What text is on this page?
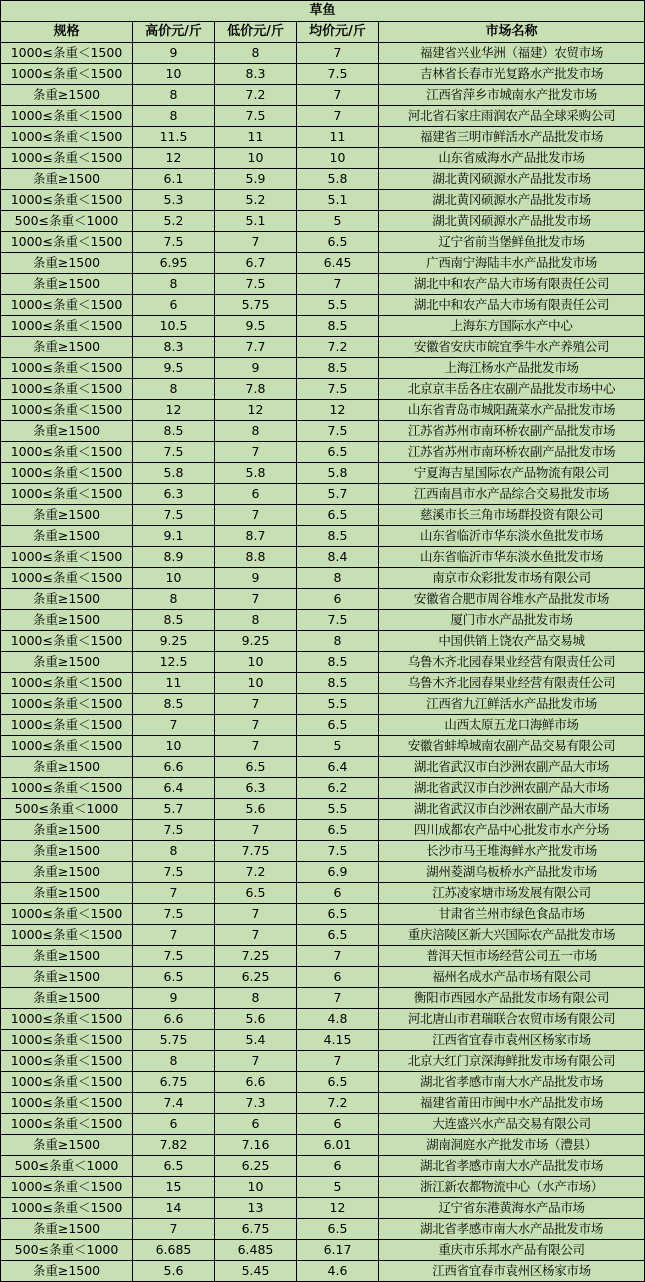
草鱼				
规格	高价元/斤	低价元/斤	均价元/斤	市场名称
1000≤条重＜1500	9	8	7	福建省兴业华洲（福建）农贸市场
1000≤条重＜1500	10	8.3	7.5	吉林省长春市光复路水产批发市场
条重≥1500	8	7.2	7	江西省萍乡市城南水产批发市场
1000≤条重＜1500	8	7.5	7	河北省石家庄雨润农产品全球采购公司
1000≤条重＜1500	11.5	11	11	福建省三明市鲜活水产品批发市场
1000≤条重＜1500	12	10	10	山东省威海水产品批发市场
条重≥1500	6.1	5.9	5.8	湖北黄冈硕源水产品批发市场
1000≤条重＜1500	5.3	5.2	5.1	湖北黄冈硕源水产品批发市场
500≤条重＜1000	5.2	5.1	5	湖北黄冈硕源水产品批发市场
1000≤条重＜1500	7.5	7	6.5	辽宁省前当堡鲜鱼批发市场
条重≥1500	6.95	6.7	6.45	广西南宁海陆丰水产品批发市场
条重≥1500	8	7.5	7	湖北中和农产品大市场有限责任公司
1000≤条重＜1500	6	5.75	5.5	湖北中和农产品大市场有限责任公司
1000≤条重＜1500	10.5	9.5	8.5	上海东方国际水产中心
条重≥1500	8.3	7.7	7.2	安徽省安庆市皖宜季牛水产养殖公司
1000≤条重＜1500	9.5	9	8.5	上海江杨水产品批发市场
1000≤条重＜1500	8	7.8	7.5	北京京丰岳各庄农副产品批发市场中心
1000≤条重＜1500	12	12	12	山东省青岛市城阳蔬菜水产品批发市场
条重≥1500	8.5	8	7.5	江苏省苏州市南环桥农副产品批发市场
1000≤条重＜1500	7.5	7	6.5	江苏省苏州市南环桥农副产品批发市场
1000≤条重＜1500	5.8	5.8	5.8	宁夏海吉星国际农产品物流有限公司
1000≤条重＜1500	6.3	6	5.7	江西南昌市水产品综合交易批发市场
条重≥1500	7.5	7	6.5	慈溪市长三角市场群投资有限公司
条重≥1500	9.1	8.7	8.5	山东省临沂市华东淡水鱼批发市场
1000≤条重＜1500	8.9	8.8	8.4	山东省临沂市华东淡水鱼批发市场
1000≤条重＜1500	10	9	8	南京市众彩批发市场有限公司
条重≥1500	8	7	6	安徽省合肥市周谷堆水产品批发市场
条重≥1500	8.5	8	7.5	厦门市水产品批发市场
1000≤条重＜1500	9.25	9.25	8	中国供销上饶农产品交易城
条重≥1500	12.5	10	8.5	乌鲁木齐北园春果业经营有限责任公司
1000≤条重＜1500	11	10	8.5	乌鲁木齐北园春果业经营有限责任公司
1000≤条重＜1500	8.5	7	5.5	江西省九江鲜活水产品批发市场
1000≤条重＜1500	7	7	6.5	山西太原五龙口海鲜市场
1000≤条重＜1500	10	7	5	安徽省蚌埠城南农副产品交易有限公司
条重≥1500	6.6	6.5	6.4	湖北省武汉市白沙洲农副产品大市场
1000≤条重＜1500	6.4	6.3	6.2	湖北省武汉市白沙洲农副产品大市场
500≤条重＜1000	5.7	5.6	5.5	湖北省武汉市白沙洲农副产品大市场
条重≥1500	7.5	7	6.5	四川成都农产品中心批发市水产分场
条重≥1500	8	7.75	7.5	长沙市马王堆海鲜水产批发市场
条重≥1500	7.5	7.2	6.9	湖州菱湖乌板桥水产品批发市场
条重≥1500	7	6.5	6	江苏凌家塘市场发展有限公司
1000≤条重＜1500	7.5	7	6.5	甘肃省兰州市绿色食品市场
1000≤条重＜1500	7	7	6.5	重庆涪陵区新大兴国际农产品批发市场
条重≥1500	7.5	7.25	7	普洱天恒市场经营公司五一市场
条重≥1500	6.5	6.25	6	福州名成水产品市场有限公司
条重≥1500	9	8	7	衡阳市西园水产品批发市场有限公司
1000≤条重＜1500	6.6	5.6	4.8	河北唐山市君瑞联合农贸市场有限公司
1000≤条重＜1500	5.75	5.4	4.15	江西省宜春市袁州区杨家市场
1000≤条重＜1500	8	7	7	北京大红门京深海鲜批发市场有限公司
1000≤条重＜1500	6.75	6.6	6.5	湖北省孝感市南大水产品批发市场
1000≤条重＜1500	7.4	7.3	7.2	福建省莆田市闽中水产品批发市场
1000≤条重＜1500	6	6	6	大连盛兴水产品交易有限公司
条重≥1500	7.82	7.16	6.01	湖南洞庭水产批发市场（澧县）
500≤条重＜1000	6.5	6.25	6	湖北省孝感市南大水产品批发市场
1000≤条重＜1500	15	10	5	浙江新农都物流中心（水产市场）
1000≤条重＜1500	14	13	12	辽宁省东港黄海水产品市场
条重≥1500	7	6.75	6.5	湖北省孝感市南大水产品批发市场
500≤条重＜1000	6.685	6.485	6.17	重庆市乐邦水产品有限公司
条重≥1500	5.6	5.45	4.6	江西省宜春市袁州区杨家市场
